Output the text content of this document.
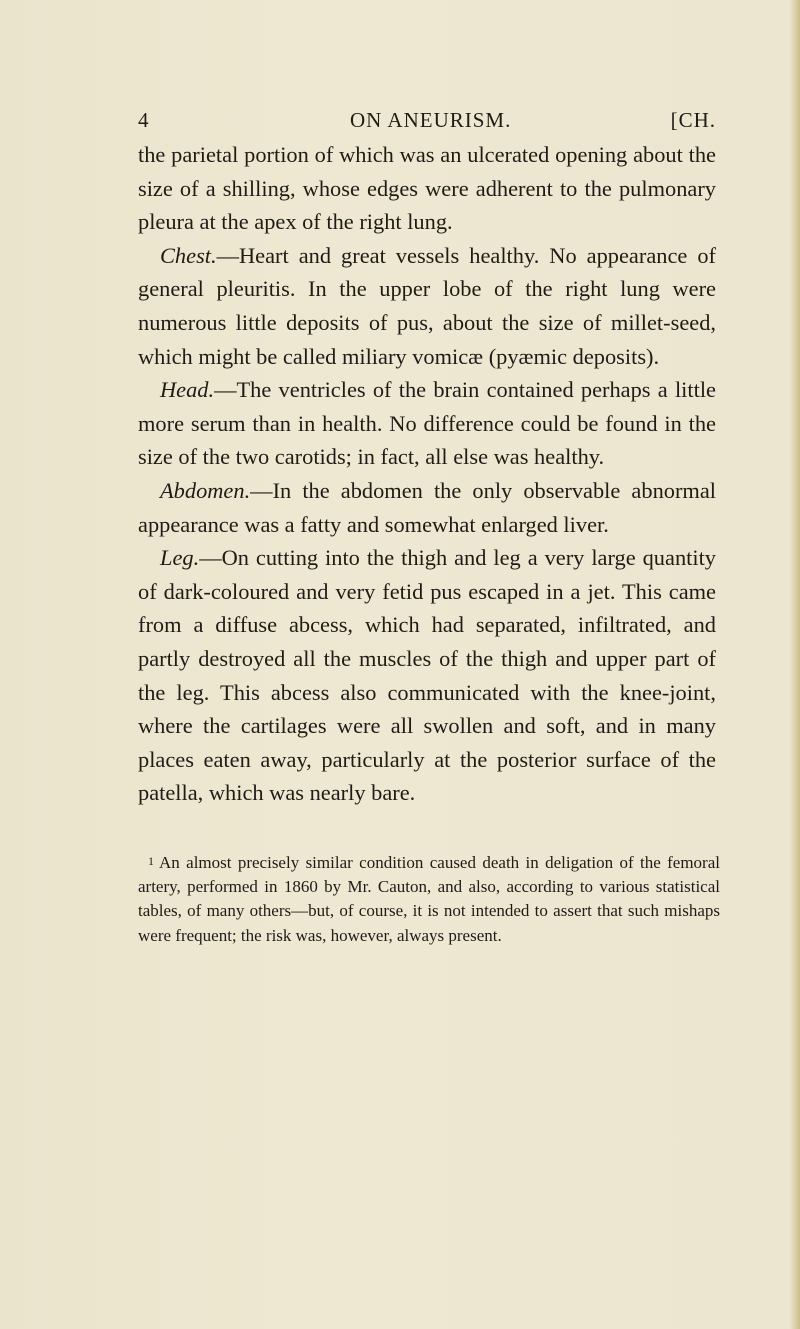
4	ON ANEURISM.	[CH.

the parietal portion of which was an ulcerated opening about the size of a shilling, whose edges were adherent to the pulmonary pleura at the apex of the right lung.

Chest.—Heart and great vessels healthy. No appearance of general pleuritis. In the upper lobe of the right lung were numerous little deposits of pus, about the size of millet-seed, which might be called miliary vomicæ (pyæmic deposits).

Head.—The ventricles of the brain contained perhaps a little more serum than in health. No difference could be found in the size of the two carotids; in fact, all else was healthy.

Abdomen.—In the abdomen the only observable abnormal appearance was a fatty and somewhat enlarged liver.

Leg.—On cutting into the thigh and leg a very large quantity of dark-coloured and very fetid pus escaped in a jet. This came from a diffuse abcess, which had separated, infiltrated, and partly destroyed all the muscles of the thigh and upper part of the leg. This abcess also communicated with the knee-joint, where the cartilages were all swollen and soft, and in many places eaten away, particularly at the posterior surface of the patella, which was nearly bare.

$^1$ An almost precisely similar condition caused death in deligation of the femoral artery, performed in 1860 by Mr. Cauton, and also, according to various statistical tables, of many others—but, of course, it is not intended to assert that such mishaps were frequent; the risk was, however, always present.
